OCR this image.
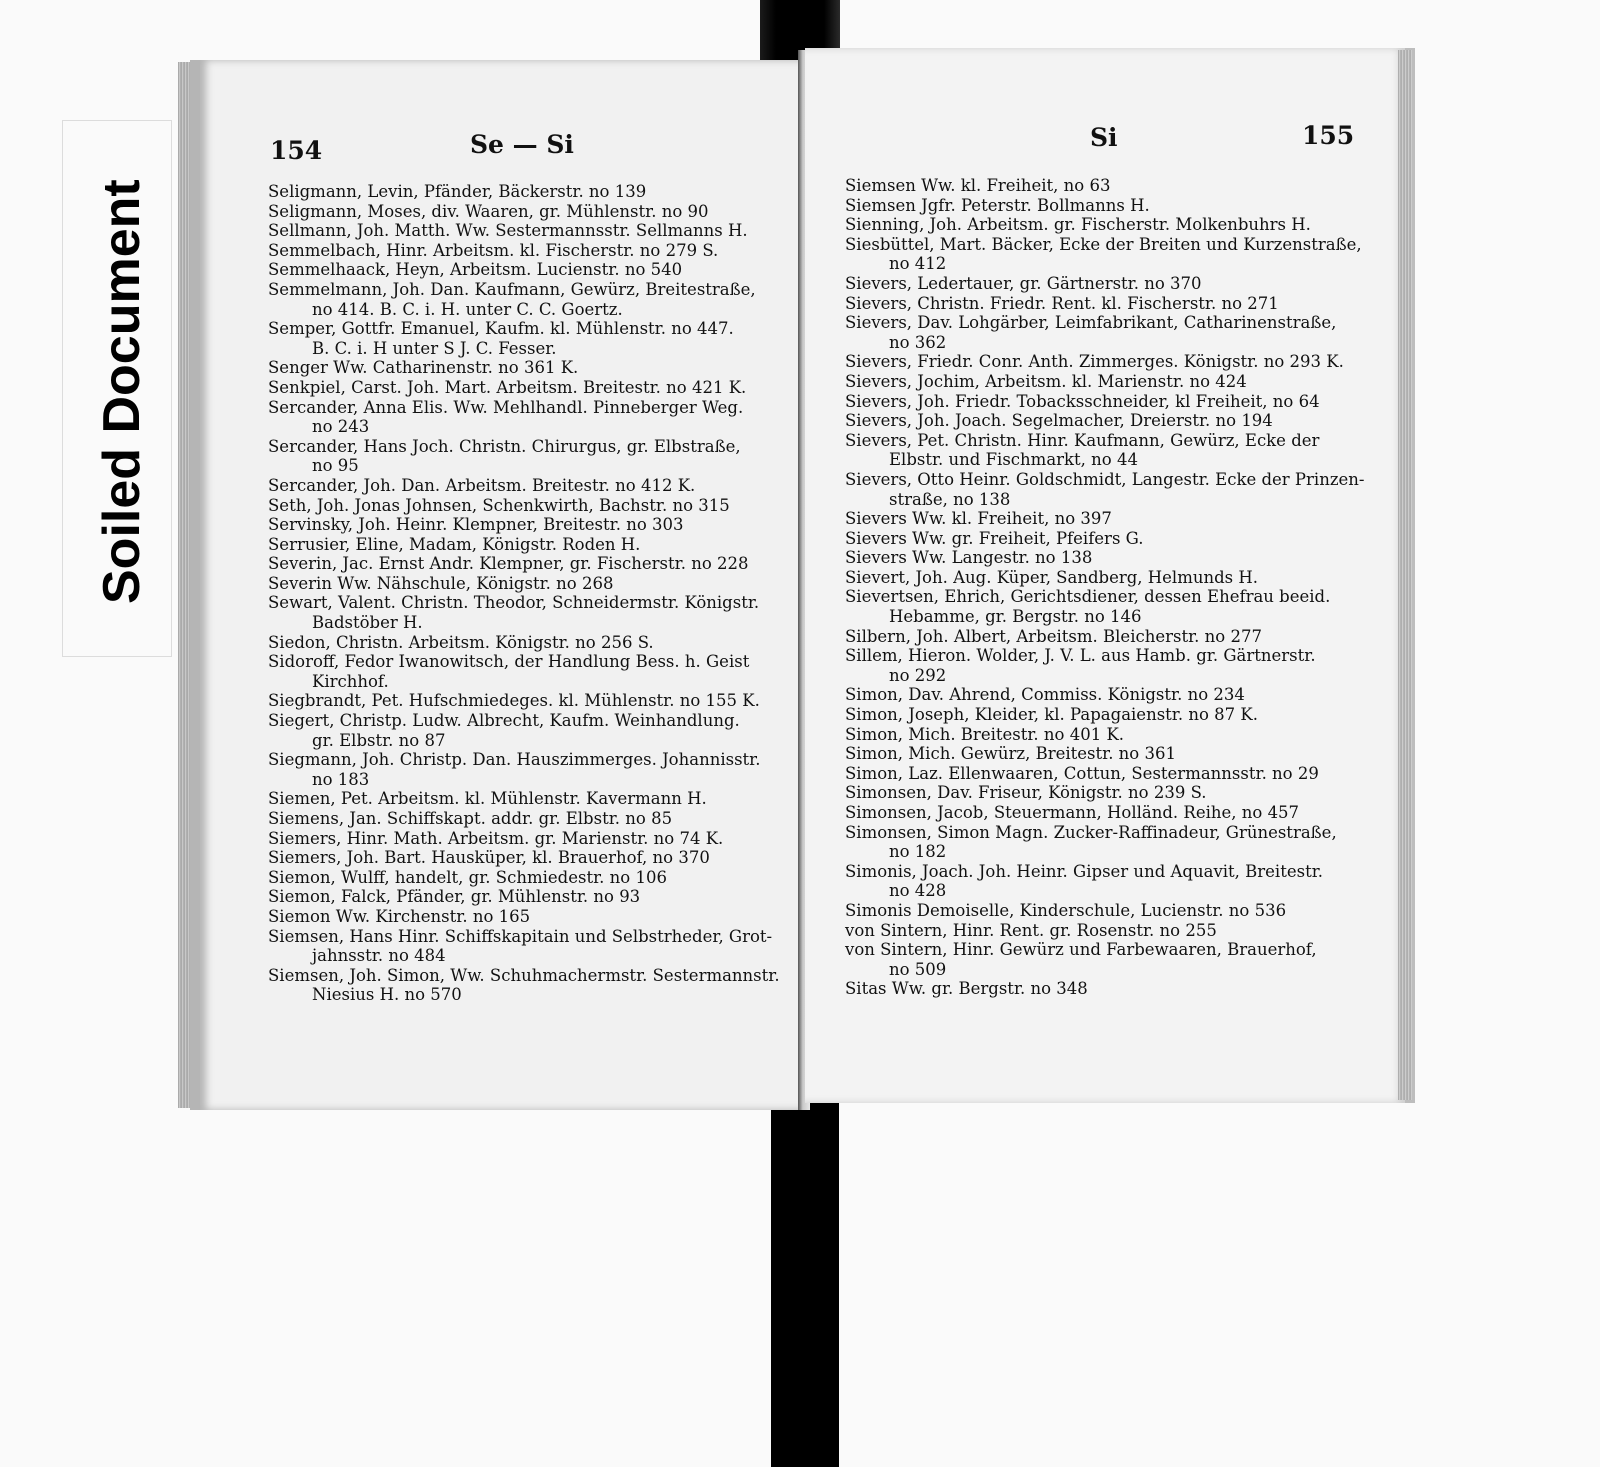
Soiled Document
154	Se — Si	155
Si
Seligmann, Levin, Pfänder, Bäckerstr. no 139
Seligmann, Moses, div. Waaren, gr. Mühlenstr. no 90
Sellmann, Joh. Matth. Ww. Sestermannsstr. Sellmanns H.
Semmelbach, Hinr. Arbeitsm. kl. Fischerstr. no 279 S.
Semmelhaack, Heyn, Arbeitsm. Lucienstr. no 540
Semmelmann, Joh. Dan. Kaufmann, Gewürz, Breitestraße,
no 414. B. C. i. H. unter C. C. Goertz.
Semper, Gottfr. Emanuel, Kaufm. kl. Mühlenstr. no 447.
B. C. i. H unter S J. C. Fesser.
Senger Ww. Catharinenstr. no 361 K.
Senkpiel, Carst. Joh. Mart. Arbeitsm. Breitestr. no 421 K.
Sercander, Anna Elis. Ww. Mehlhandl. Pinneberger Weg.
no 243
Sercander, Hans Joch. Christn. Chirurgus, gr. Elbstraße,
no 95
Sercander, Joh. Dan. Arbeitsm. Breitestr. no 412 K.
Seth, Joh. Jonas Johnsen, Schenkwirth, Bachstr. no 315
Servinsky, Joh. Heinr. Klempner, Breitestr. no 303
Serrusier, Eline, Madam, Königstr. Roden H.
Severin, Jac. Ernst Andr. Klempner, gr. Fischerstr. no 228
Severin Ww. Nähschule, Königstr. no 268
Sewart, Valent. Christn. Theodor, Schneidermstr. Königstr.
Badstöber H.
Siedon, Christn. Arbeitsm. Königstr. no 256 S.
Sidoroff, Fedor Iwanowitsch, der Handlung Bess. h. Geist
Kirchhof.
Siegbrandt, Pet. Hufschmiedeges. kl. Mühlenstr. no 155 K.
Siegert, Christp. Ludw. Albrecht, Kaufm. Weinhandlung.
gr. Elbstr. no 87
Siegmann, Joh. Christp. Dan. Hauszimmerges. Johannisstr.
no 183
Siemen, Pet. Arbeitsm. kl. Mühlenstr. Kavermann H.
Siemens, Jan. Schiffskapt. addr. gr. Elbstr. no 85
Siemers, Hinr. Math. Arbeitsm. gr. Marienstr. no 74 K.
Siemers, Joh. Bart. Hausküper, kl. Brauerhof, no 370
Siemon, Wulff, handelt, gr. Schmiedestr. no 106
Siemon, Falck, Pfänder, gr. Mühlenstr. no 93
Siemon Ww. Kirchenstr. no 165
Siemsen, Hans Hinr. Schiffskapitain und Selbstrheder, Grot-
jahnsstr. no 484
Siemsen, Joh. Simon, Ww. Schuhmachermstr. Sestermannstr.
Niesius H. no 570
Siemsen Ww. kl. Freiheit, no 63
Siemsen Jgfr. Peterstr. Bollmanns H.
Sienning, Joh. Arbeitsm. gr. Fischerstr. Molkenbuhrs H.
Siesbüttel, Mart. Bäcker, Ecke der Breiten und Kurzenstraße,
no 412
Sievers, Ledertauer, gr. Gärtnerstr. no 370
Sievers, Christn. Friedr. Rent. kl. Fischerstr. no 271
Sievers, Dav. Lohgärber, Leimfabrikant, Catharinenstraße,
no 362
Sievers, Friedr. Conr. Anth. Zimmerges. Königstr. no 293 K.
Sievers, Jochim, Arbeitsm. kl. Marienstr. no 424
Sievers, Joh. Friedr. Tobacksschneider, kl Freiheit, no 64
Sievers, Joh. Joach. Segelmacher, Dreierstr. no 194
Sievers, Pet. Christn. Hinr. Kaufmann, Gewürz, Ecke der
Elbstr. und Fischmarkt, no 44
Sievers, Otto Heinr. Goldschmidt, Langestr. Ecke der Prinzen-
straße, no 138
Sievers Ww. kl. Freiheit, no 397
Sievers Ww. gr. Freiheit, Pfeifers G.
Sievers Ww. Langestr. no 138
Sievert, Joh. Aug. Küper, Sandberg, Helmunds H.
Sievertsen, Ehrich, Gerichtsdiener, dessen Ehefrau beeid.
Hebamme, gr. Bergstr. no 146
Silbern, Joh. Albert, Arbeitsm. Bleicherstr. no 277
Sillem, Hieron. Wolder, J. V. L. aus Hamb. gr. Gärtnerstr.
no 292
Simon, Dav. Ahrend, Commiss. Königstr. no 234
Simon, Joseph, Kleider, kl. Papagaienstr. no 87 K.
Simon, Mich. Breitestr. no 401 K.
Simon, Mich. Gewürz, Breitestr. no 361
Simon, Laz. Ellenwaaren, Cottun, Sestermannsstr. no 29
Simonsen, Dav. Friseur, Königstr. no 239 S.
Simonsen, Jacob, Steuermann, Holländ. Reihe, no 457
Simonsen, Simon Magn. Zucker-Raffinadeur, Grünestraße,
no 182
Simonis, Joach. Joh. Heinr. Gipser und Aquavit, Breitestr.
no 428
Simonis Demoiselle, Kinderschule, Lucienstr. no 536
von Sintern, Hinr. Rent. gr. Rosenstr. no 255
von Sintern, Hinr. Gewürz und Farbewaaren, Brauerhof,
no 509
Sitas Ww. gr. Bergstr. no 348
